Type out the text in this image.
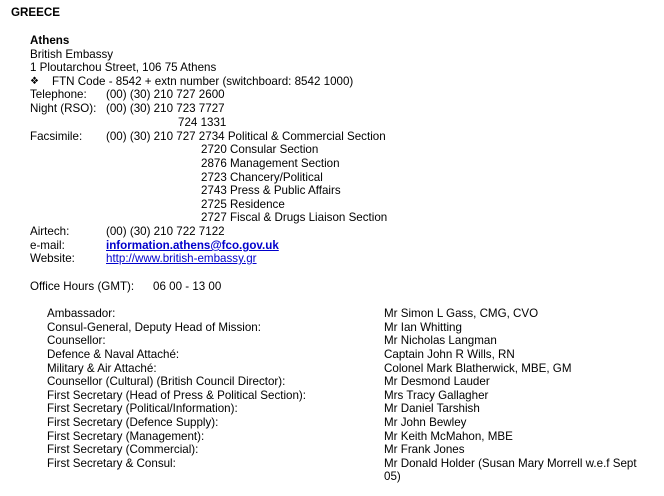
GREECE
Athens
British Embassy
1 Ploutarchou Street, 106 75 Athens
❖ FTN Code - 8542 + extn number (switchboard: 8542 1000)
Telephone: (00) (30) 210 727 2600
Night (RSO): (00) (30) 210 723 7727
724 1331
Facsimile: (00) (30) 210 727 2734 Political & Commercial Section
2720 Consular Section
2876 Management Section
2723 Chancery/Political
2743 Press & Public Affairs
2725 Residence
2727 Fiscal & Drugs Liaison Section
Airtech:	(00) (30) 210 722 7122
e-mail:	information.athens@fco.gov.uk
Website:	http://www.british-embassy.gr
Office Hours (GMT): 06 00 - 13 00
Ambassador:	Mr Simon L Gass, CMG, CVO
Consul-General, Deputy Head of Mission:	Mr Ian Whitting
Counsellor:	Mr Nicholas Langman
Defence & Naval Attaché:	Captain John R Wills, RN
Military & Air Attaché:	Colonel Mark Blatherwick, MBE, GM
Counsellor (Cultural) (British Council Director):	Mr Desmond Lauder
First Secretary (Head of Press & Political Section):	Mrs Tracy Gallagher
First Secretary (Political/Information):	Mr Daniel Tarshish
First Secretary (Defence Supply):	Mr John Bewley
First Secretary (Management):	Mr Keith McMahon, MBE
First Secretary (Commercial):	Mr Frank Jones
First Secretary & Consul:	Mr Donald Holder (Susan Mary Morrell w.e.f Sept
05)
